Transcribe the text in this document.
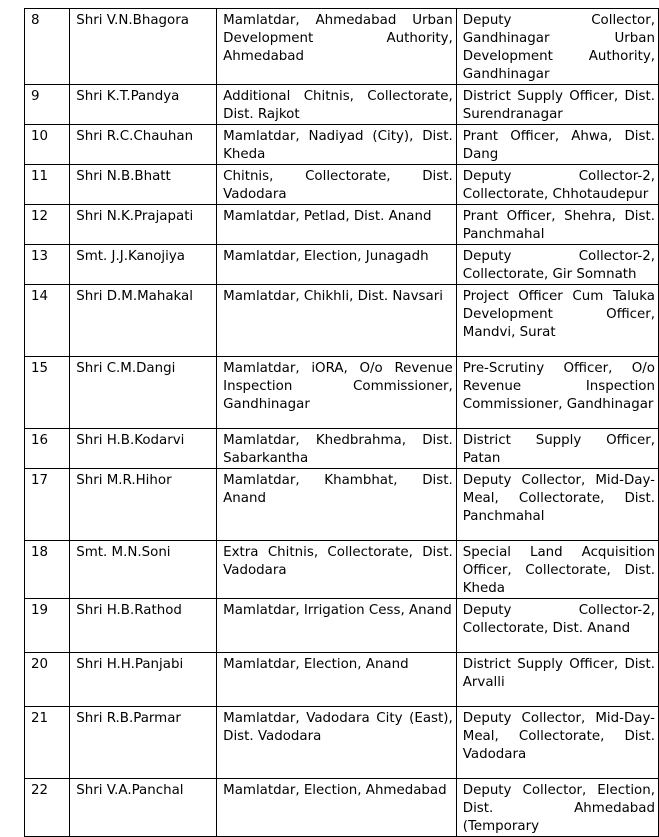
8	Shri V.N.Bhagora	Mamlatdar, Ahmedabad Urban Development Authority, Ahmedabad	Deputy Collector, Gandhinagar Urban Development Authority, Gandhinagar
9	Shri K.T.Pandya	Additional Chitnis, Collectorate, Dist. Rajkot	District Supply Officer, Dist. Surendranagar
10	Shri R.C.Chauhan	Mamlatdar, Nadiyad (City), Dist. Kheda	Prant Officer, Ahwa, Dist. Dang
11	Shri N.B.Bhatt	Chitnis, Collectorate, Dist. Vadodara	Deputy Collector-2, Collectorate, Chhotaudepur
12	Shri N.K.Prajapati	Mamlatdar, Petlad, Dist. Anand	Prant Officer, Shehra, Dist. Panchmahal
13	Smt. J.J.Kanojiya	Mamlatdar, Election, Junagadh	Deputy Collector-2, Collectorate, Gir Somnath
14	Shri D.M.Mahakal	Mamlatdar, Chikhli, Dist. Navsari	Project Officer Cum Taluka Development Officer, Mandvi, Surat
15	Shri C.M.Dangi	Mamlatdar, iORA, O/o Revenue Inspection Commissioner, Gandhinagar	Pre-Scrutiny Officer, O/o Revenue Inspection Commissioner, Gandhinagar
16	Shri H.B.Kodarvi	Mamlatdar, Khedbrahma, Dist. Sabarkantha	District Supply Officer, Patan
17	Shri M.R.Hihor	Mamlatdar, Khambhat, Dist. Anand	Deputy Collector, Mid-Day-Meal, Collectorate, Dist. Panchmahal
18	Smt. M.N.Soni	Extra Chitnis, Collectorate, Dist. Vadodara	Special Land Acquisition Officer, Collectorate, Dist. Kheda
19	Shri H.B.Rathod	Mamlatdar, Irrigation Cess, Anand	Deputy Collector-2, Collectorate, Dist. Anand
20	Shri H.H.Panjabi	Mamlatdar, Election, Anand	District Supply Officer, Dist. Arvalli
21	Shri R.B.Parmar	Mamlatdar, Vadodara City (East), Dist. Vadodara	Deputy Collector, Mid-Day-Meal, Collectorate, Dist. Vadodara
22	Shri V.A.Panchal	Mamlatdar, Election, Ahmedabad	Deputy Collector, Election, Dist. Ahmedabad (Temporary
